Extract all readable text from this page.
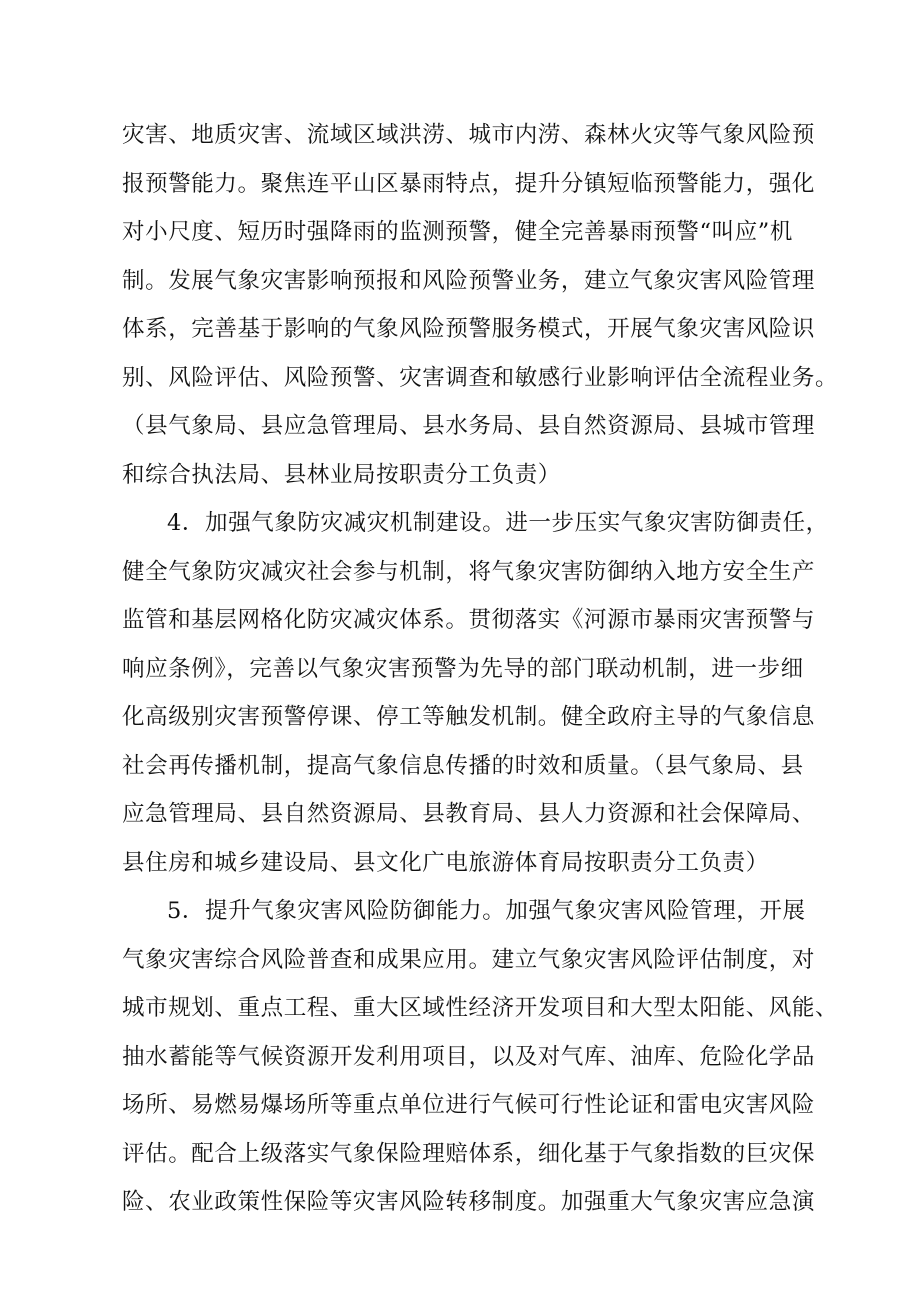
灾害、地质灾害、流域区域洪涝、城市内涝、森林火灾等气象风险预
报预警能力。聚焦连平山区暴雨特点，提升分镇短临预警能力，强化
对小尺度、短历时强降雨的监测预警，健全完善暴雨预警“叫应”机
制。发展气象灾害影响预报和风险预警业务，建立气象灾害风险管理
体系，完善基于影响的气象风险预警服务模式，开展气象灾害风险识
别、风险评估、风险预警、灾害调查和敏感行业影响评估全流程业务。
（县气象局、县应急管理局、县水务局、县自然资源局、县城市管理
和综合执法局、县林业局按职责分工负责）
4．加强气象防灾减灾机制建设。进一步压实气象灾害防御责任，
健全气象防灾减灾社会参与机制，将气象灾害防御纳入地方安全生产
监管和基层网格化防灾减灾体系。贯彻落实《河源市暴雨灾害预警与
响应条例》，完善以气象灾害预警为先导的部门联动机制，进一步细
化高级别灾害预警停课、停工等触发机制。健全政府主导的气象信息
社会再传播机制，提高气象信息传播的时效和质量。（县气象局、县
应急管理局、县自然资源局、县教育局、县人力资源和社会保障局、
县住房和城乡建设局、县文化广电旅游体育局按职责分工负责）
5．提升气象灾害风险防御能力。加强气象灾害风险管理，开展
气象灾害综合风险普查和成果应用。建立气象灾害风险评估制度，对
城市规划、重点工程、重大区域性经济开发项目和大型太阳能、风能、
抽水蓄能等气候资源开发利用项目，以及对气库、油库、危险化学品
场所、易燃易爆场所等重点单位进行气候可行性论证和雷电灾害风险
评估。配合上级落实气象保险理赔体系，细化基于气象指数的巨灾保
险、农业政策性保险等灾害风险转移制度。加强重大气象灾害应急演
